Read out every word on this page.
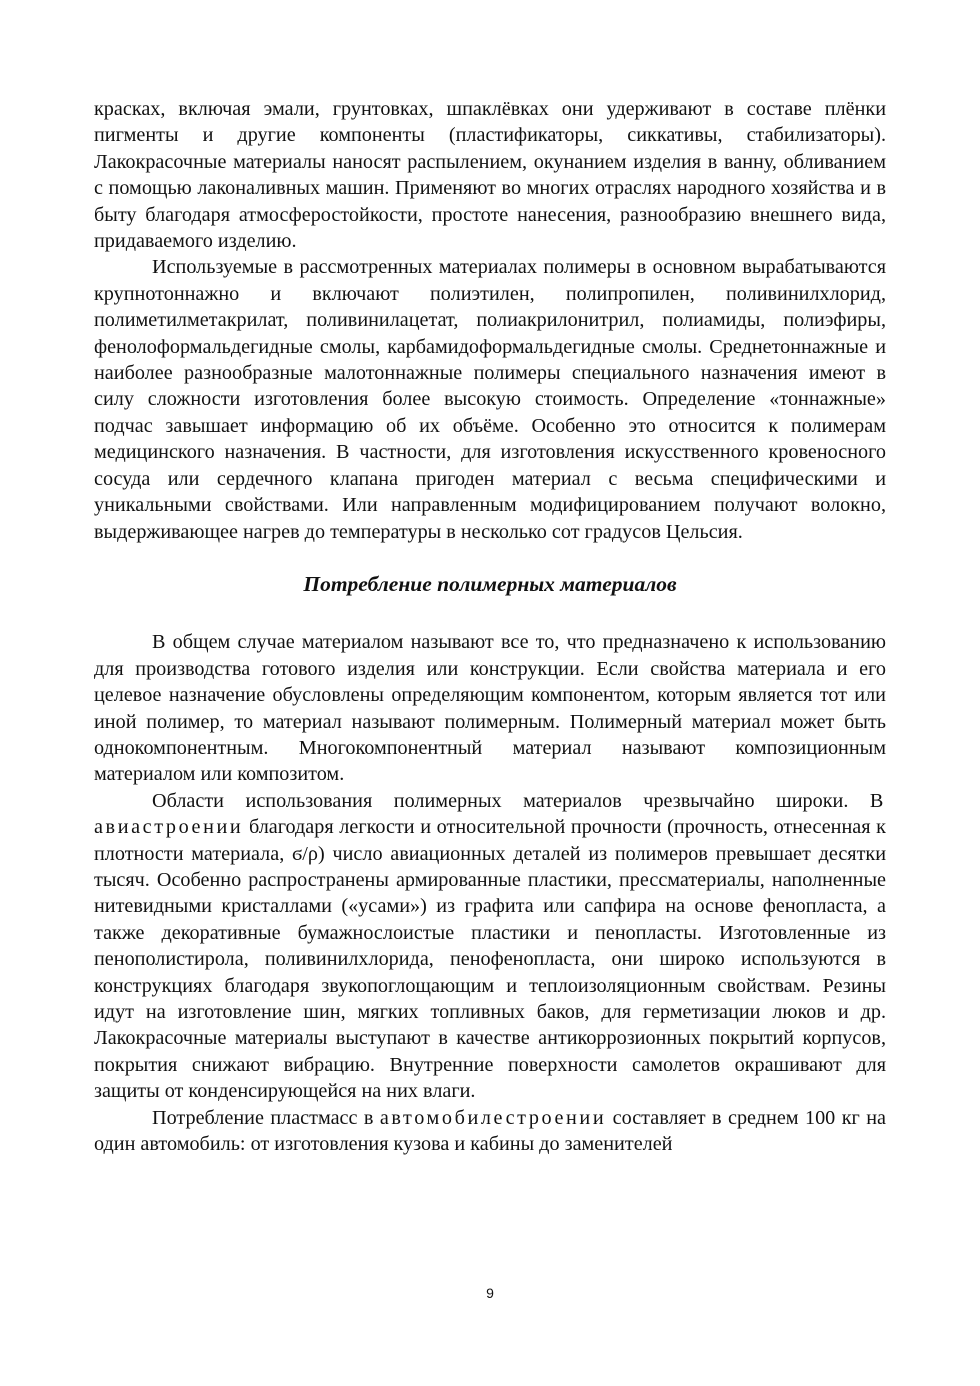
красках, включая эмали, грунтовках, шпаклёвках они удерживают в составе плёнки пигменты и другие компоненты (пластификаторы, сиккативы, стабилизаторы). Лакокрасочные материалы наносят распылением, окунанием изделия в ванну, обливанием с помощью лаконаливных машин. Применяют во многих отраслях народного хозяйства и в быту благодаря атмосферостойкости, простоте нанесения, разнообразию внешнего вида, придаваемого изделию.

Используемые в рассмотренных материалах полимеры в основном вырабатываются крупнотоннажно и включают полиэтилен, полипропилен, поливинилхлорид, полиметилметакрилат, поливинилацетат, полиакрилонитрил, полиамиды, полиэфиры, фенолоформальдегидные смолы, карбамидоформальдегидные смолы. Среднетоннажные и наиболее разнообразные малотоннажные полимеры специального назначения имеют в силу сложности изготовления более высокую стоимость. Определение «тоннажные» подчас завышает информацию об их объёме. Особенно это относится к полимерам медицинского назначения. В частности, для изготовления искусственного кровеносного сосуда или сердечного клапана пригоден материал с весьма специфическими и уникальными свойствами. Или направленным модифицированием получают волокно, выдерживающее нагрев до температуры в несколько сот градусов Цельсия.

Потребление полимерных материалов

В общем случае материалом называют все то, что предназначено к использованию для производства готового изделия или конструкции. Если свойства материала и его целевое назначение обусловлены определяющим компонентом, которым является тот или иной полимер, то материал называют полимерным. Полимерный материал может быть однокомпонентным. Многокомпонентный материал называют композиционным материалом или композитом.

Области использования полимерных материалов чрезвычайно широки. В авиастроении благодаря легкости и относительной прочности (прочность, отнесенная к плотности материала, ϭ/ρ) число авиационных деталей из полимеров превышает десятки тысяч. Особенно распространены армированные пластики, прессматериалы, наполненные нитевидными кристаллами («усами») из графита или сапфира на основе фенопласта, а также декоративные бумажнослоистые пластики и пенопласты. Изготовленные из пенополистирола, поливинилхлорида, пенофенопласта, они широко используются в конструкциях благодаря звукопоглощающим и теплоизоляционным свойствам. Резины идут на изготовление шин, мягких топливных баков, для герметизации люков и др. Лакокрасочные материалы выступают в качестве антикоррозионных покрытий корпусов, покрытия снижают вибрацию. Внутренние поверхности самолетов окрашивают для защиты от конденсирующейся на них влаги.

Потребление пластмасс в автомобилестроении составляет в среднем 100 кг на один автомобиль: от изготовления кузова и кабины до заменителей

9
